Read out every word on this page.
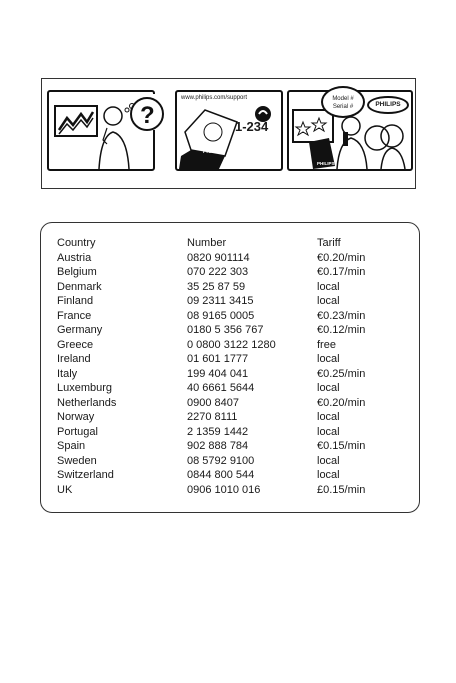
?
www.philips.com/support
1-234
PHILIPS
PHILIPS
Model #
Serial #	PHILIPS
Country	Number	Tariff
Austria	0820 901114	€0.20/min
Belgium	070 222 303	€0.17/min
Denmark	35 25 87 59	local
Finland	09 2311 3415	local
France	08 9165 0005	€0.23/min
Germany	0180 5 356 767	€0.12/min
Greece	0 0800 3122 1280	free
Ireland	01 601 1777	local
Italy	199 404 041	€0.25/min
Luxemburg	40 6661 5644	local
Netherlands	0900 8407	€0.20/min
Norway	2270 8111	local
Portugal	2 1359 1442	local
Spain	902 888 784	€0.15/min
Sweden	08 5792 9100	local
Switzerland	0844 800 544	local
UK	0906 1010 016	£0.15/min
